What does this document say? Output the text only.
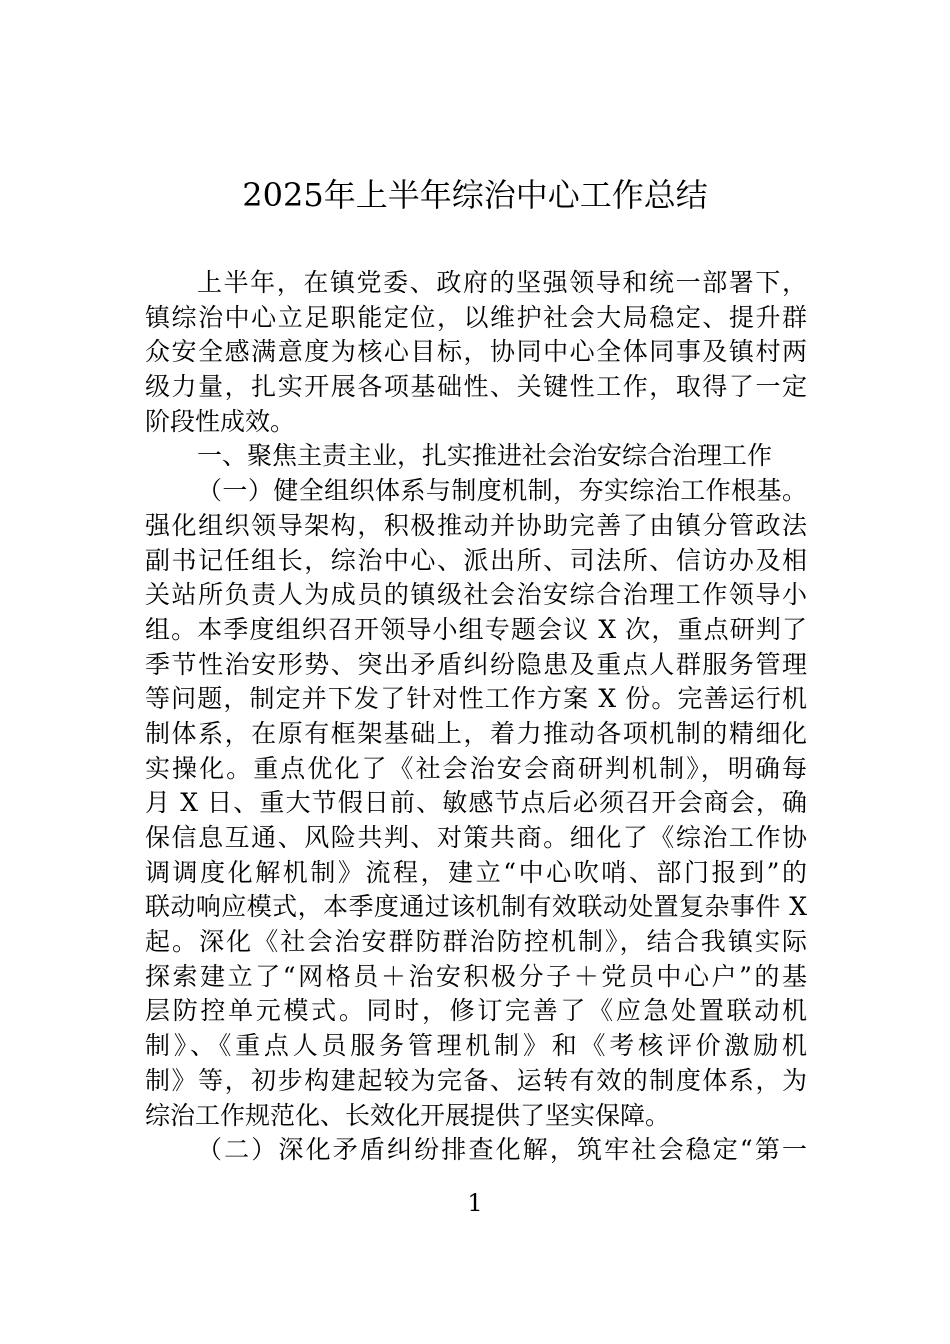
2025年上半年综治中心工作总结
上半年，在镇党委、政府的坚强领导和统一部署下，
镇综治中心立足职能定位，以维护社会大局稳定、提升群
众安全感满意度为核心目标，协同中心全体同事及镇村两
级力量，扎实开展各项基础性、关键性工作，取得了一定
阶段性成效。
一、聚焦主责主业，扎实推进社会治安综合治理工作
（一）健全组织体系与制度机制，夯实综治工作根基。
强化组织领导架构，积极推动并协助完善了由镇分管政法
副书记任组长，综治中心、派出所、司法所、信访办及相
关站所负责人为成员的镇级社会治安综合治理工作领导小
组。本季度组织召开领导小组专题会议 X 次，重点研判了
季节性治安形势、突出矛盾纠纷隐患及重点人群服务管理
等问题，制定并下发了针对性工作方案 X 份。完善运行机
制体系，在原有框架基础上，着力推动各项机制的精细化
实操化。重点优化了《社会治安会商研判机制》，明确每
月 X 日、重大节假日前、敏感节点后必须召开会商会，确
保信息互通、风险共判、对策共商。细化了《综治工作协
调调度化解机制》流程，建立“中心吹哨、部门报到”的
联动响应模式，本季度通过该机制有效联动处置复杂事件 X
起。深化《社会治安群防群治防控机制》，结合我镇实际
探索建立了“网格员＋治安积极分子＋党员中心户”的基
层防控单元模式。同时，修订完善了《应急处置联动机
制》、《重点人员服务管理机制》和《考核评价激励机
制》等，初步构建起较为完备、运转有效的制度体系，为
综治工作规范化、长效化开展提供了坚实保障。
（二）深化矛盾纠纷排查化解，筑牢社会稳定“第一
1
